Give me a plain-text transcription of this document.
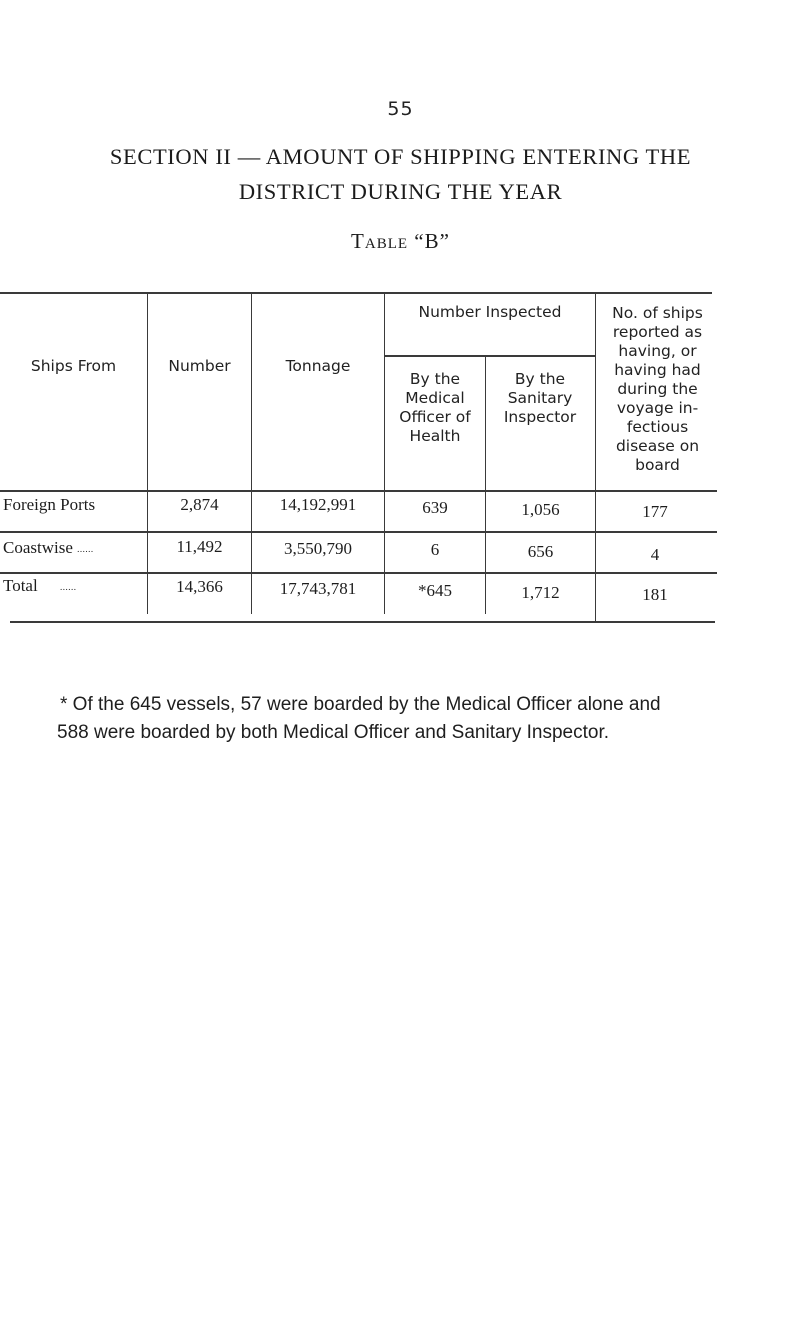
55
SECTION II — AMOUNT OF SHIPPING ENTERING THE
DISTRICT DURING THE YEAR
Table “B”
Ships From	Number	Tonnage
Number Inspected
By the Medical Officer of Health
By the Sanitary Inspector
No. of ships reported as having, or having had during the voyage in- fectious disease on board
Foreign Ports	2,874	14,192,991	639	1,056	177
Coastwise ......	11,492	3,550,790	6	656	4
Total ......	14,366	17,743,781	*645	1,712	181
* Of the 645 vessels, 57 were boarded by the Medical Officer alone and
588 were boarded by both Medical Officer and Sanitary Inspector.
